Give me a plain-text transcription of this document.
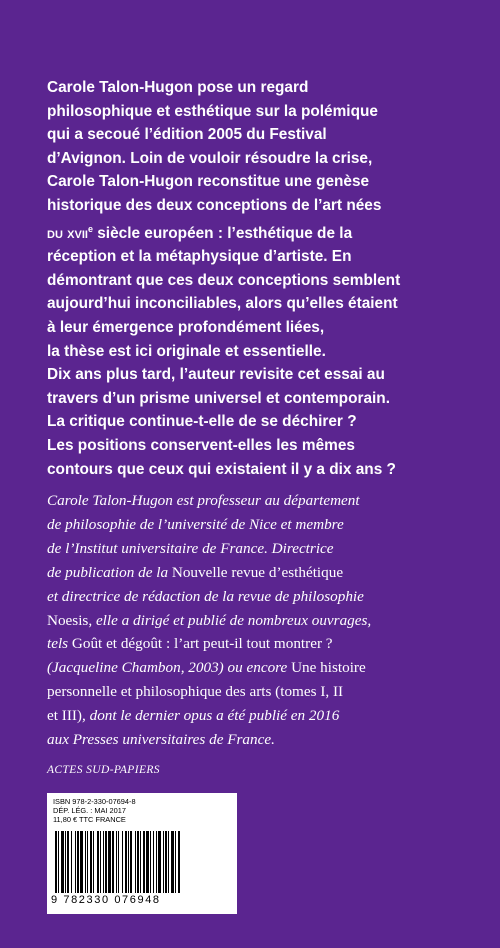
Carole Talon-Hugon pose un regard
philosophique et esthétique sur la polémique
qui a secoué l’édition 2005 du Festival
d’Avignon. Loin de vouloir résoudre la crise,
Carole Talon-Hugon reconstitue une genèse
historique des deux conceptions de l’art nées
du xvii$^e$ siècle européen : l’esthétique de la
réception et la métaphysique d’artiste. En
démontrant que ces deux conceptions semblent
aujourd’hui inconciliables, alors qu’elles étaient
à leur émergence profondément liées,
la thèse est ici originale et essentielle.
Dix ans plus tard, l’auteur revisite cet essai au
travers d’un prisme universel et contemporain.
La critique continue-t-elle de se déchirer ?
Les positions conservent-elles les mêmes
contours que ceux qui existaient il y a dix ans ?
Carole Talon-Hugon est professeur au département
de philosophie de l’université de Nice et membre
de l’Institut universitaire de France. Directrice
de publication de la Nouvelle revue d’esthétique
et directrice de rédaction de la revue de philosophie
Noesis, elle a dirigé et publié de nombreux ouvrages,
tels Goût et dégoût : l’art peut-il tout montrer ?
(Jacqueline Chambon, 2003) ou encore Une histoire
personnelle et philosophique des arts (tomes I, II
et III), dont le dernier opus a été publié en 2016
aux Presses universitaires de France.
ACTES SUD-PAPIERS
ISBN 978-2-330-07694-8
DÉP. LÉG. : MAI 2017
11,80 € TTC FRANCE
9 782330 076948
